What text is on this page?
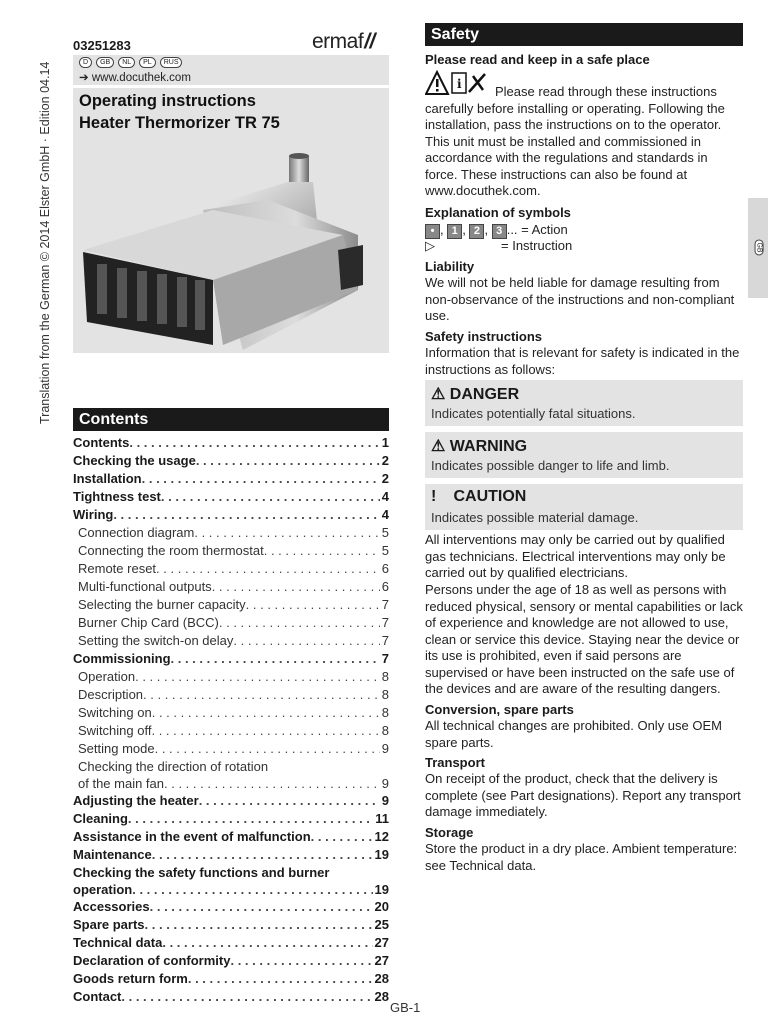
Translation from the German © 2014 Elster GmbH · Edition 04.14
03251283	ermaf//
D	GB	NL	PL	RUS
➔ www.docuthek.com
Operating instructions
Heater Thermorizer TR 75
Contents
Contents . . .	1
Checking the usage . . .	2
Installation . . .	2
Tightness test . . .	4
Wiring . . .	4
Connection diagram . . .	5
Connecting the room thermostat . . .	5
Remote reset . . .	6
Multi-functional outputs . . .	6
Selecting the burner capacity . . .	7
Burner Chip Card (BCC) . . .	7
Setting the switch-on delay . . .	7
Commissioning . . .	7
Operation . . .	8
Description . . .	8
Switching on . . .	8
Switching off . . .	8
Setting mode . . .	9
Checking the direction of rotation
of the main fan . . .	9
Adjusting the heater . . .	9
Cleaning . . .	11
Assistance in the event of malfunction . . .	12
Maintenance . . .	19
Checking the safety functions and burner
operation . . .	19
Accessories . . .	20
Spare parts . . .	25
Technical data . . .	27
Declaration of conformity . . .	27
Goods return form . . .	28
Contact . . .	28
Safety
Please read and keep in a safe place
i	Please read through these instructions carefully before installing or operating. Following the installation, pass the instructions on to the operator. This unit must be installed and commissioned in accordance with the regulations and standards in force. These instructions can also be found at www.docuthek.com.
Explanation of symbols
• , 1 , 2 , 3 ... = Action
▷	= Instruction
Liability
We will not be held liable for damage resulting from non-observance of the instructions and non-compliant use.
Safety instructions
Information that is relevant for safety is indicated in the instructions as follows:
⚠ DANGER
Indicates potentially fatal situations.
⚠ WARNING
Indicates possible danger to life and limb.
! CAUTION
Indicates possible material damage.
All interventions may only be carried out by qualified gas technicians. Electrical interventions may only be carried out by qualified electricians.
Persons under the age of 18 as well as persons with reduced physical, sensory or mental capabilities or lack of experience and knowledge are not allowed to use, clean or service this device. Staying near the device or its use is prohibited, even if said persons are supervised or have been instructed on the safe use of the devices and are aware of the resulting dangers.
Conversion, spare parts
All technical changes are prohibited. Only use OEM spare parts.
Transport
On receipt of the product, check that the delivery is complete (see Part designations). Report any transport damage immediately.
Storage
Store the product in a dry place. Ambient temperature: see Technical data.
GB
GB-1
